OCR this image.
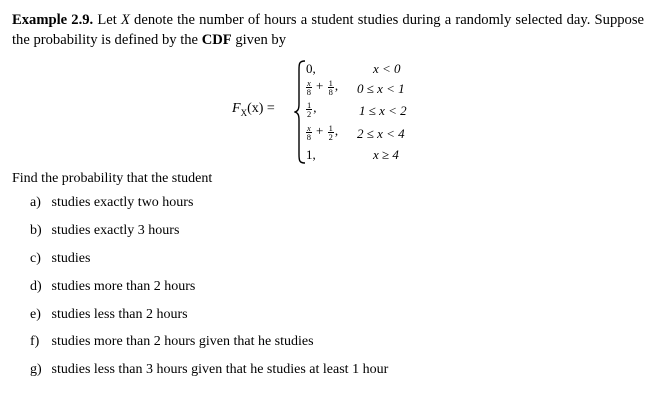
Example 2.9. Let X denote the number of hours a student studies during a randomly selected day. Suppose the probability is defined by the CDF given by
$F_X(x)$ =
0,	x < 0
$\frac{x}{8} + \frac{1}{8}$ , 0 ≤ x < 1
$\frac{1}{2}$ ,	1 ≤ x < 2
$\frac{x}{8} + \frac{1}{2}$ , 2 ≤ x < 4
1,	x ≥ 4
Find the probability that the student
a) studies exactly two hours
b) studies exactly 3 hours
c) studies
d) studies more than 2 hours
e) studies less than 2 hours
f) studies more than 2 hours given that he studies
g) studies less than 3 hours given that he studies at least 1 hour
